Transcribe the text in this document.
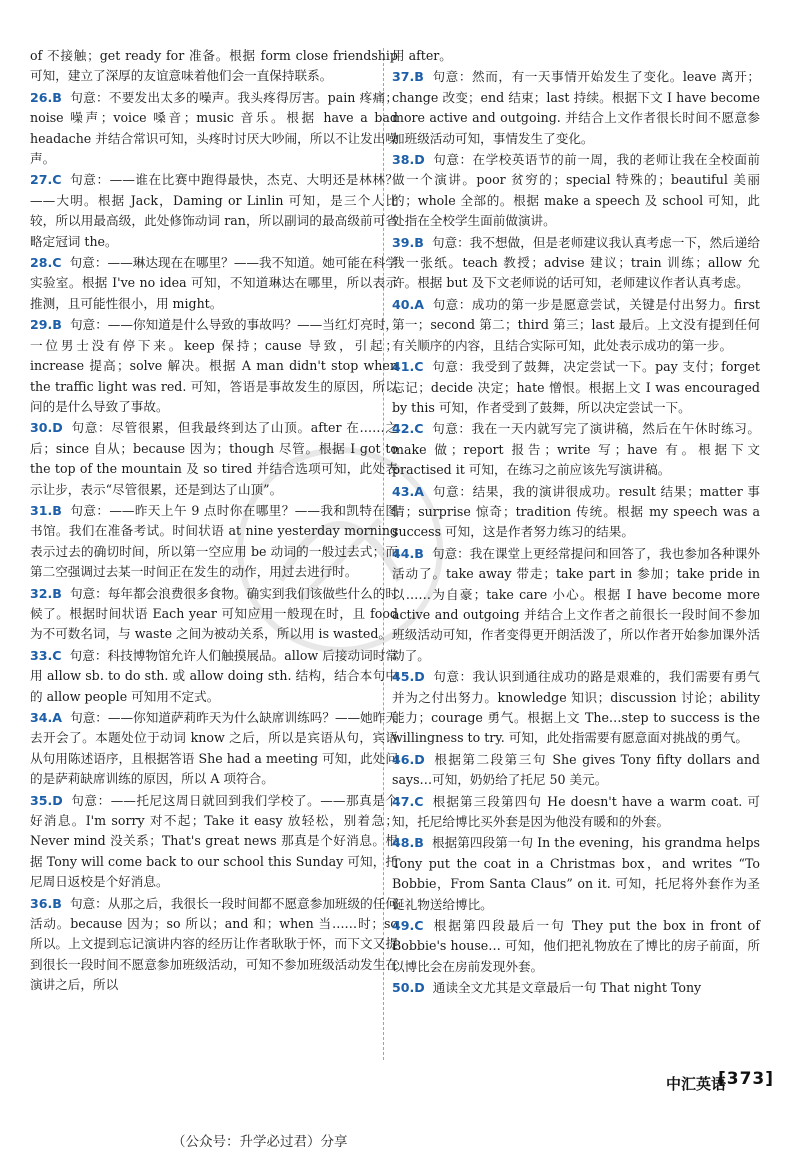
of 不接触；get ready for 准备。根据 form close friendship 可知，建立了深厚的友谊意味着他们会一直保持联系。
26.B 句意：不要发出太多的噪声。我头疼得厉害。pain 疼痛；noise 噪声；voice 嗓音；music 音乐。根据 have a bad headache 并结合常识可知，头疼时讨厌大吵闹，所以不让发出噪声。
27.C 句意：——谁在比赛中跑得最快，杰克、大明还是林林？——大明。根据 Jack，Daming or Linlin 可知，是三个人比较，所以用最高级，此处修饰动词 ran，所以副词的最高级前可省略定冠词 the。
28.C 句意：——琳达现在在哪里？——我不知道。她可能在科学实验室。根据 I've no idea 可知，不知道琳达在哪里，所以表示推测，且可能性很小，用 might。
29.B 句意：——你知道是什么导致的事故吗？——当红灯亮时，一位男士没有停下来。keep 保持；cause 导致，引起；increase 提高；solve 解决。根据 A man didn't stop when the traffic light was red. 可知，答语是事故发生的原因，所以问的是什么导致了事故。
30.D 句意：尽管很累，但我最终到达了山顶。after 在……之后；since 自从；because 因为；though 尽管。根据 I got to the top of the mountain 及 so tired 并结合选项可知，此处表示让步，表示“尽管很累，还是到达了山顶”。
31.B 句意：——昨天上午 9 点时你在哪里？——我和凯特在图书馆。我们在准备考试。时间状语 at nine yesterday morning 表示过去的确切时间，所以第一空应用 be 动词的一般过去式；而第二空强调过去某一时间正在发生的动作，用过去进行时。
32.B 句意：每年都会浪费很多食物。确实到我们该做些什么的时候了。根据时间状语 Each year 可知应用一般现在时，且 food 为不可数名词，与 waste 之间为被动关系，所以用 is wasted。
33.C 句意：科技博物馆允许人们触摸展品。allow 后接动词时常用 allow sb. to do sth. 或 allow doing sth. 结构，结合本句中的 allow people 可知用不定式。
34.A 句意：——你知道萨莉昨天为什么缺席训练吗？——她昨天去开会了。本题处位于动词 know 之后，所以是宾语从句，宾语从句用陈述语序，且根据答语 She had a meeting 可知，此处问的是萨莉缺席训练的原因，所以 A 项符合。
35.D 句意：——托尼这周日就回到我们学校了。——那真是个好消息。I'm sorry 对不起；Take it easy 放轻松，别着急；Never mind 没关系；That's great news 那真是个好消息。根据 Tony will come back to our school this Sunday 可知，托尼周日返校是个好消息。
36.B 句意：从那之后，我很长一段时间都不愿意参加班级的任何活动。because 因为；so 所以；and 和；when 当……时；so 所以。上文提到忘记演讲内容的经历让作者耿耿于怀，而下文又提到很长一段时间不愿意参加班级活动，可知不参加班级活动发生在演讲之后，所以
用 after。
37.B 句意：然而，有一天事情开始发生了变化。leave 离开；change 改变；end 结束；last 持续。根据下文 I have become more active and outgoing. 并结合上文作者很长时间不愿意参加班级活动可知，事情发生了变化。
38.D 句意：在学校英语节的前一周，我的老师让我在全校面前做一个演讲。poor 贫穷的；special 特殊的；beautiful 美丽的；whole 全部的。根据 make a speech 及 school 可知，此处指在全校学生面前做演讲。
39.B 句意：我不想做，但是老师建议我认真考虑一下，然后递给我一张纸。teach 教授；advise 建议；train 训练；allow 允许。根据 but 及下文老师说的话可知，老师建议作者认真考虑。
40.A 句意：成功的第一步是愿意尝试，关键是付出努力。first 第一；second 第二；third 第三；last 最后。上文没有提到任何有关顺序的内容，且结合实际可知，此处表示成功的第一步。
41.C 句意：我受到了鼓舞，决定尝试一下。pay 支付；forget 忘记；decide 决定；hate 憎恨。根据上文 I was encouraged by this 可知，作者受到了鼓舞，所以决定尝试一下。
42.C 句意：我在一天内就写完了演讲稿，然后在午休时练习。make 做；report 报告；write 写；have 有。根据下文 practised it 可知，在练习之前应该先写演讲稿。
43.A 句意：结果，我的演讲很成功。result 结果；matter 事情；surprise 惊奇；tradition 传统。根据 my speech was a success 可知，这是作者努力练习的结果。
44.B 句意：我在课堂上更经常提问和回答了，我也参加各种课外活动了。take away 带走；take part in 参加；take pride in 以……为自豪；take care 小心。根据 I have become more active and outgoing 并结合上文作者之前很长一段时间不参加班级活动可知，作者变得更开朗活泼了，所以作者开始参加课外活动了。
45.D 句意：我认识到通往成功的路是艰难的，我们需要有勇气并为之付出努力。knowledge 知识；discussion 讨论；ability 能力；courage 勇气。根据上文 The…step to success is the willingness to try. 可知，此处指需要有愿意面对挑战的勇气。
46.D 根据第二段第三句 She gives Tony fifty dollars and says…可知，奶奶给了托尼 50 美元。
47.C 根据第三段第四句 He doesn't have a warm coat. 可知，托尼给博比买外套是因为他没有暖和的外套。
48.B 根据第四段第一句 In the evening，his grandma helps Tony put the coat in a Christmas box，and writes “To Bobbie，From Santa Claus” on it. 可知，托尼将外套作为圣诞礼物送给博比。
49.C 根据第四段最后一句 They put the box in front of Bobbie's house… 可知，他们把礼物放在了博比的房子前面，所以博比会在房前发现外套。
50.D 通读全文尤其是文章最后一句 That night Tony
中汇英语
[373]
（公众号：升学必过君）分享
